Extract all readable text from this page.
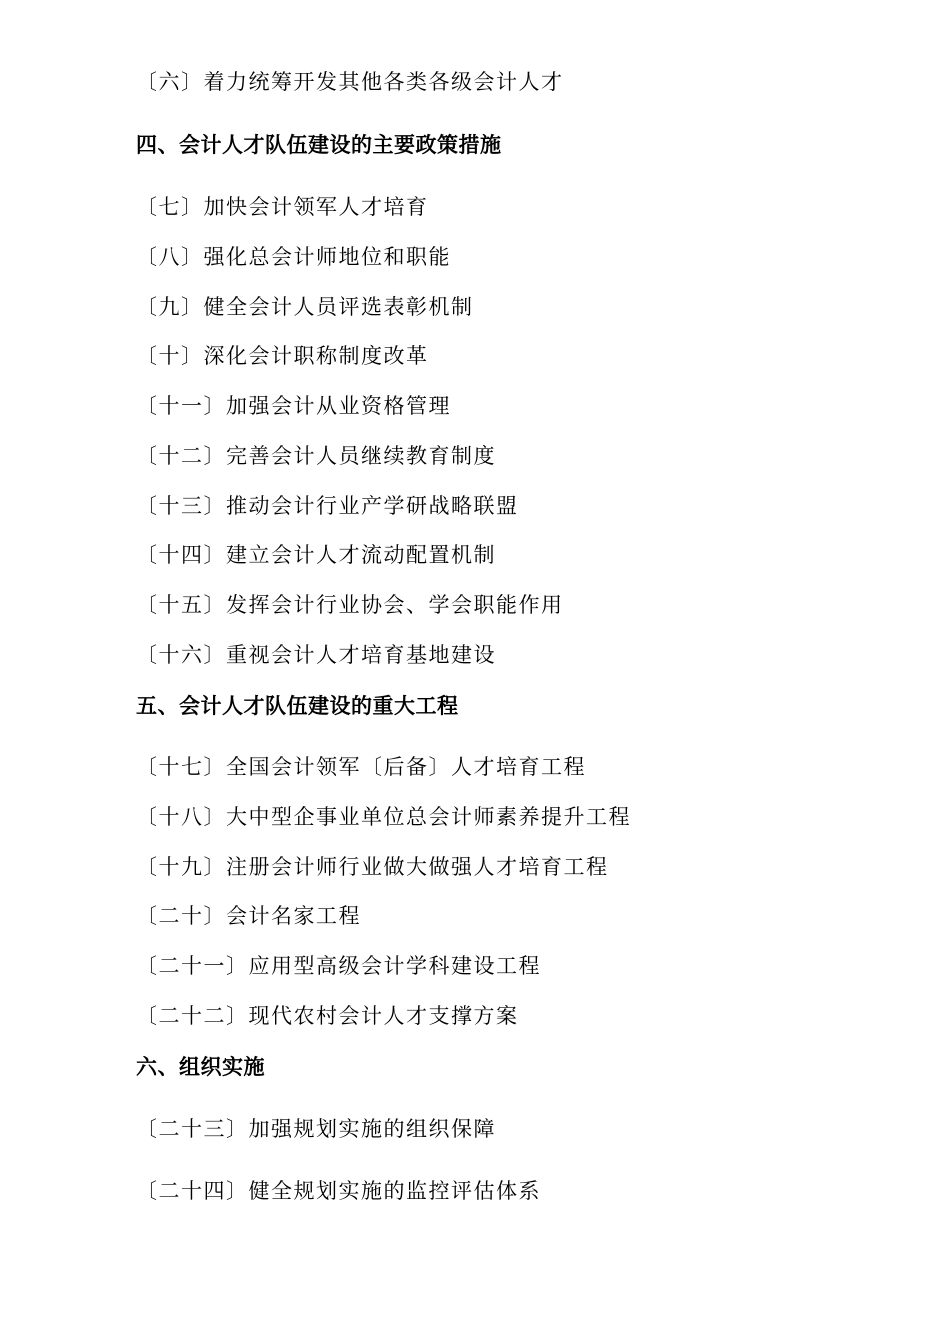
〔六〕着力统筹开发其他各类各级会计人才
四、会计人才队伍建设的主要政策措施
〔七〕加快会计领军人才培育
〔八〕强化总会计师地位和职能
〔九〕健全会计人员评选表彰机制
〔十〕深化会计职称制度改革
〔十一〕加强会计从业资格管理
〔十二〕完善会计人员继续教育制度
〔十三〕推动会计行业产学研战略联盟
〔十四〕建立会计人才流动配置机制
〔十五〕发挥会计行业协会、学会职能作用
〔十六〕重视会计人才培育基地建设
五、会计人才队伍建设的重大工程
〔十七〕全国会计领军〔后备〕人才培育工程
〔十八〕大中型企事业单位总会计师素养提升工程
〔十九〕注册会计师行业做大做强人才培育工程
〔二十〕会计名家工程
〔二十一〕应用型高级会计学科建设工程
〔二十二〕现代农村会计人才支撑方案
六、组织实施
〔二十三〕加强规划实施的组织保障
〔二十四〕健全规划实施的监控评估体系
